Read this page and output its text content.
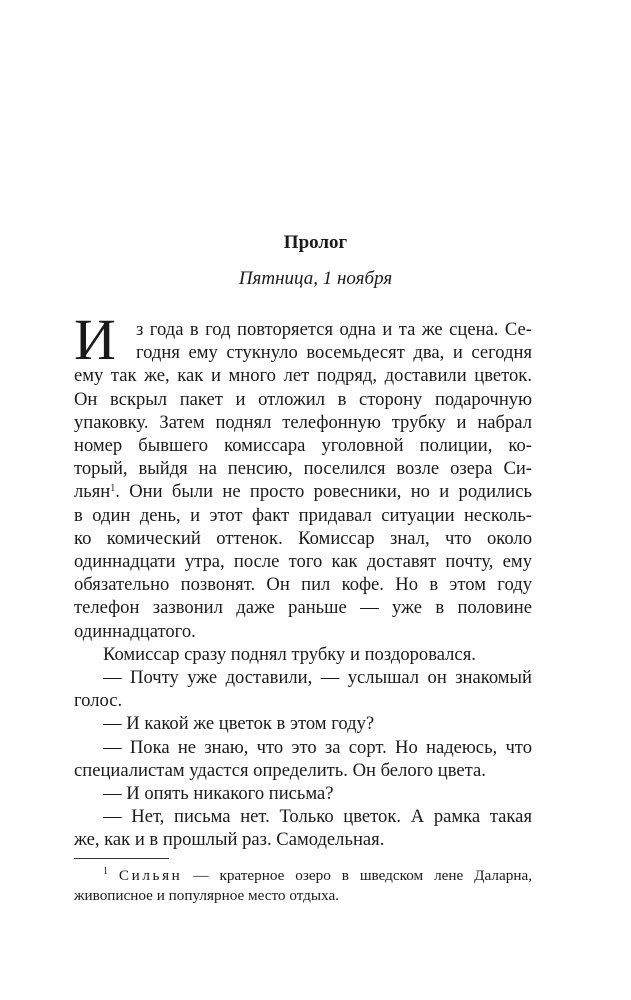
Пролог
Пятница, 1 ноября
И	з года в год повторяется одна и та же сцена. Се-
годня ему стукнуло восемьдесят два, и сегодня
ему так же, как и много лет подряд, доставили цветок.
Он вскрыл пакет и отложил в сторону подарочную
упаковку. Затем поднял телефонную трубку и набрал
номер бывшего комиссара уголовной полиции, ко-
торый, выйдя на пенсию, поселился возле озера Си-
льян$^1$. Они были не просто ровесники, но и родились
в один день, и этот факт придавал ситуации несколь-
ко комический оттенок. Комиссар знал, что около
одиннадцати утра, после того как доставят почту, ему
обязательно позвонят. Он пил кофе. Но в этом году
телефон зазвонил даже раньше — уже в половине
одиннадцатого.
Комиссар сразу поднял трубку и поздоровался.
— Почту уже доставили, — услышал он знакомый
голос.
— И какой же цветок в этом году?
— Пока не знаю, что это за сорт. Но надеюсь, что
специалистам удастся определить. Он белого цвета.
— И опять никакого письма?
— Нет, письма нет. Только цветок. А рамка такая
же, как и в прошлый раз. Самодельная.
$^1$ Сильян — кратерное озеро в шведском лене Даларна,
живописное и популярное место отдыха.
